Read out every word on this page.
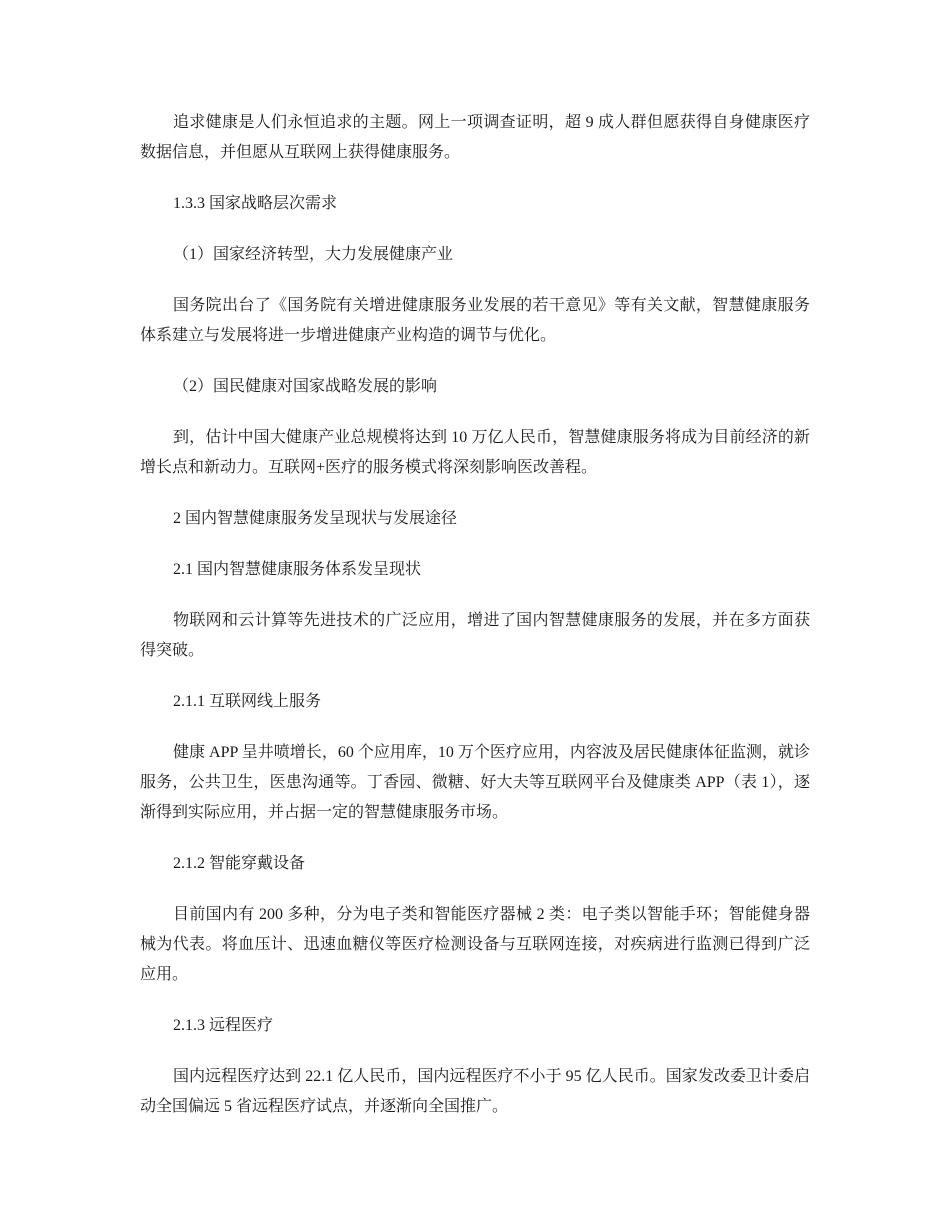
追求健康是人们永恒追求的主题。网上一项调查证明，超 9 成人群但愿获得自身健康医疗数据信息，并但愿从互联网上获得健康服务。

1.3.3 国家战略层次需求

（1）国家经济转型，大力发展健康产业

国务院出台了《国务院有关增进健康服务业发展的若干意见》等有关文献，智慧健康服务体系建立与发展将进一步增进健康产业构造的调节与优化。

（2）国民健康对国家战略发展的影响

到，估计中国大健康产业总规模将达到 10 万亿人民币，智慧健康服务将成为目前经济的新增长点和新动力。互联网+医疗的服务模式将深刻影响医改善程。

2 国内智慧健康服务发呈现状与发展途径

2.1 国内智慧健康服务体系发呈现状

物联网和云计算等先进技术的广泛应用，增进了国内智慧健康服务的发展，并在多方面获得突破。

2.1.1 互联网线上服务

健康 APP 呈井喷增长，60 个应用库，10 万个医疗应用，内容波及居民健康体征监测，就诊服务，公共卫生，医患沟通等。丁香园、微糖、好大夫等互联网平台及健康类 APP（表 1），逐渐得到实际应用，并占据一定的智慧健康服务市场。

2.1.2 智能穿戴设备

目前国内有 200 多种，分为电子类和智能医疗器械 2 类：电子类以智能手环；智能健身器械为代表。将血压计、迅速血糖仪等医疗检测设备与互联网连接，对疾病进行监测已得到广泛应用。

2.1.3 远程医疗

国内远程医疗达到 22.1 亿人民币，国内远程医疗不小于 95 亿人民币。国家发改委卫计委启动全国偏远 5 省远程医疗试点，并逐渐向全国推广。
